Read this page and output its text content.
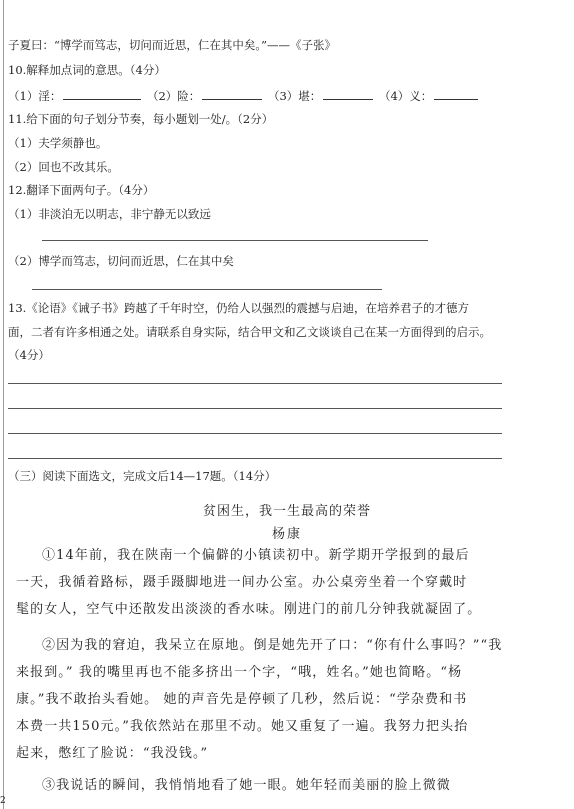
子夏曰：“博学而笃志，切问而近思，仁在其中矣。”——《子张》
10.解释加点词的意思。（4分）
（1）淫：	（2）险：	（3）堪：	（4）义：
11.给下面的句子划分节奏，每小题划一处/。（2分）
（1）夫学须静也。
（2）回也不改其乐。
12.翻译下面两句子。（4分）
（1）非淡泊无以明志，非宁静无以致远
（2）博学而笃志，切问而近思，仁在其中矣
13.《论语》《诫子书》跨越了千年时空，仍给人以强烈的震撼与启迪，在培养君子的才德方
面，二者有许多相通之处。请联系自身实际，结合甲文和乙文谈谈自己在某一方面得到的启示。
（4分）
（三）阅读下面选文，完成文后14—17题。（14分）
贫困生，我一生最高的荣誉
杨康
①14年前，我在陕南一个偏僻的小镇读初中。新学期开学报到的最后
一天，我循着路标，蹑手蹑脚地进一间办公室。办公桌旁坐着一个穿戴时
髦的女人，空气中还散发出淡淡的香水味。刚进门的前几分钟我就凝固了。
②因为我的窘迫，我呆立在原地。倒是她先开了口：“你有什么事吗？”“我
来报到。” 我的嘴里再也不能多挤出一个字，“哦，姓名。”她也简略。“杨
康。”我不敢抬头看她。 她的声音先是停顿了几秒，然后说：“学杂费和书
本费一共150元。”我依然站在那里不动。她又重复了一遍。我努力把头抬
起来，憋红了脸说：“我没钱。”
③我说话的瞬间，我悄悄地看了她一眼。她年轻而美丽的脸上微微
2
